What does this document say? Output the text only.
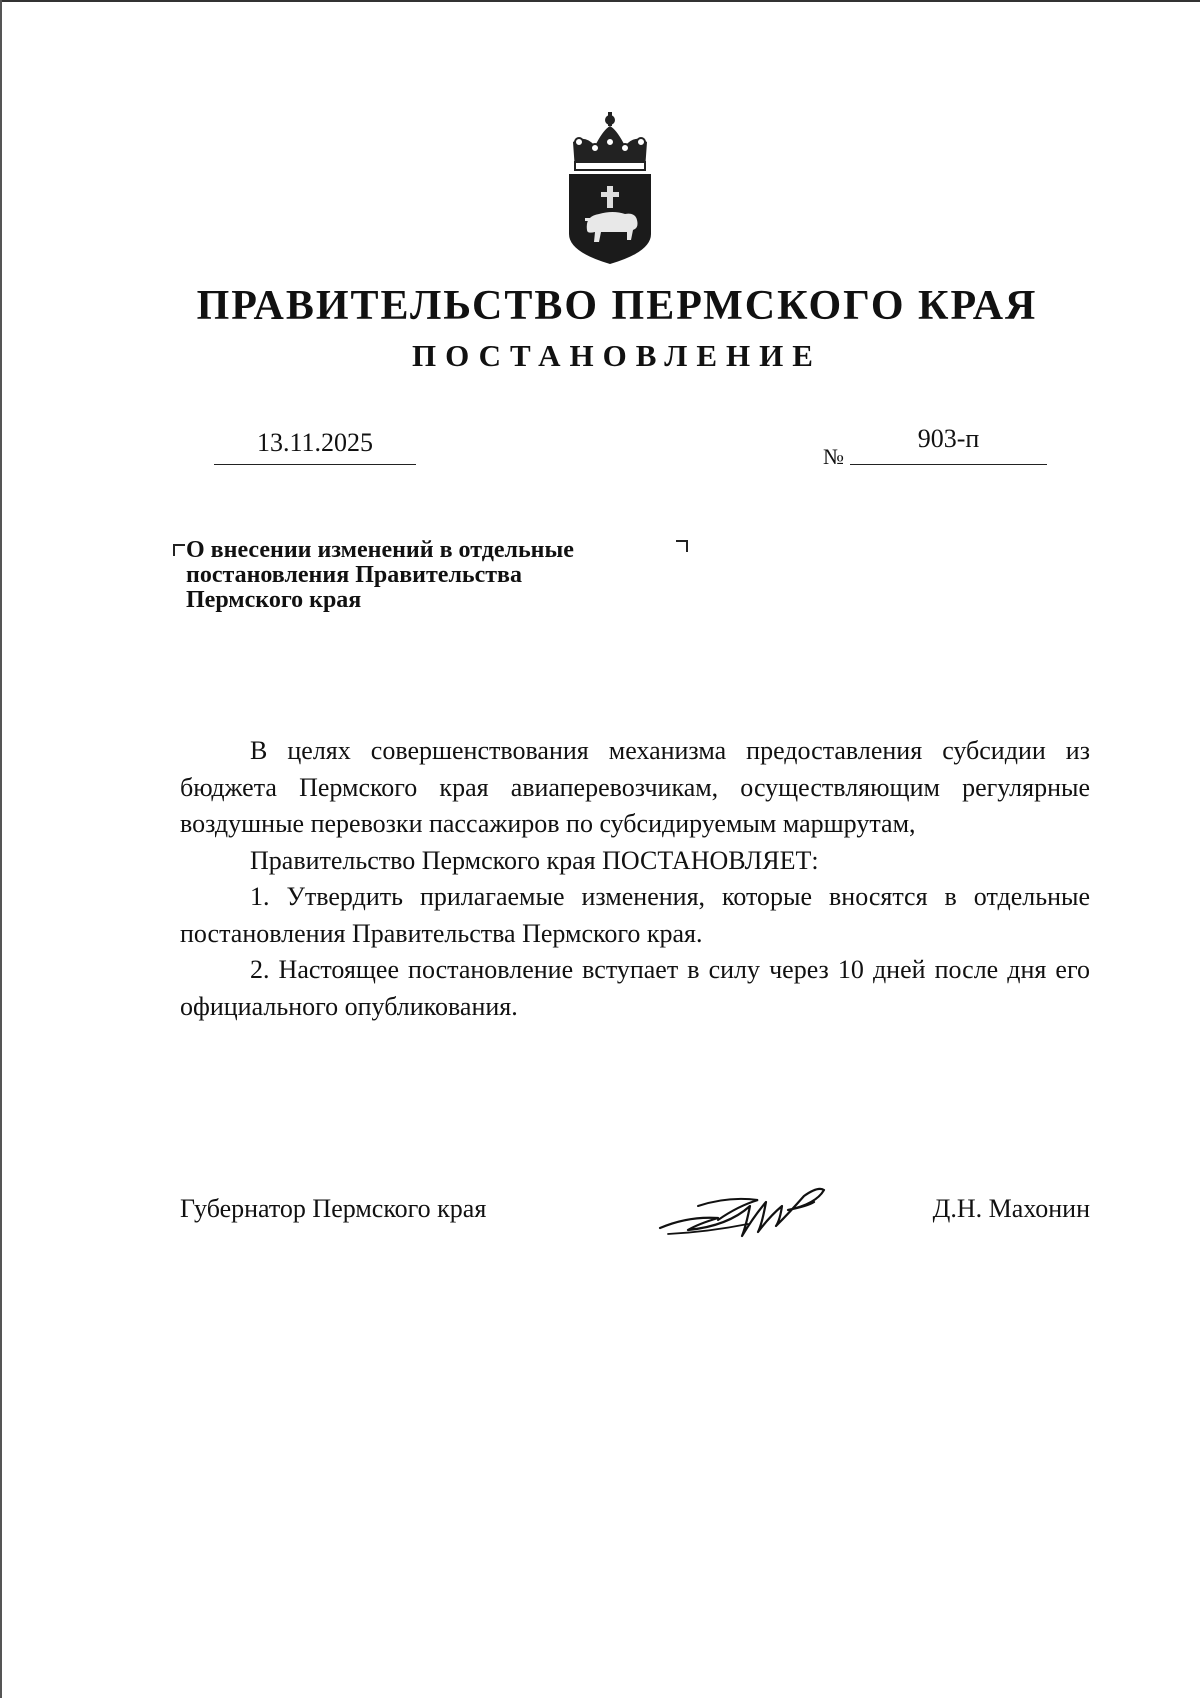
ПРАВИТЕЛЬСТВО ПЕРМСКОГО КРАЯ
ПОСТАНОВЛЕНИЕ
13.11.2025	№
903-п

О внесении изменений в отдельные
постановления Правительства
Пермского края

В целях совершенствования механизма предоставления субсидии из бюджета Пермского края авиаперевозчикам, осуществляющим регулярные воздушные перевозки пассажиров по субсидируемым маршрутам,

Правительство Пермского края ПОСТАНОВЛЯЕТ:

1. Утвердить прилагаемые изменения, которые вносятся в отдельные постановления Правительства Пермского края.

2. Настоящее постановление вступает в силу через 10 дней после дня его официального опубликования.

Губернатор Пермского края	Д.Н. Махонин
